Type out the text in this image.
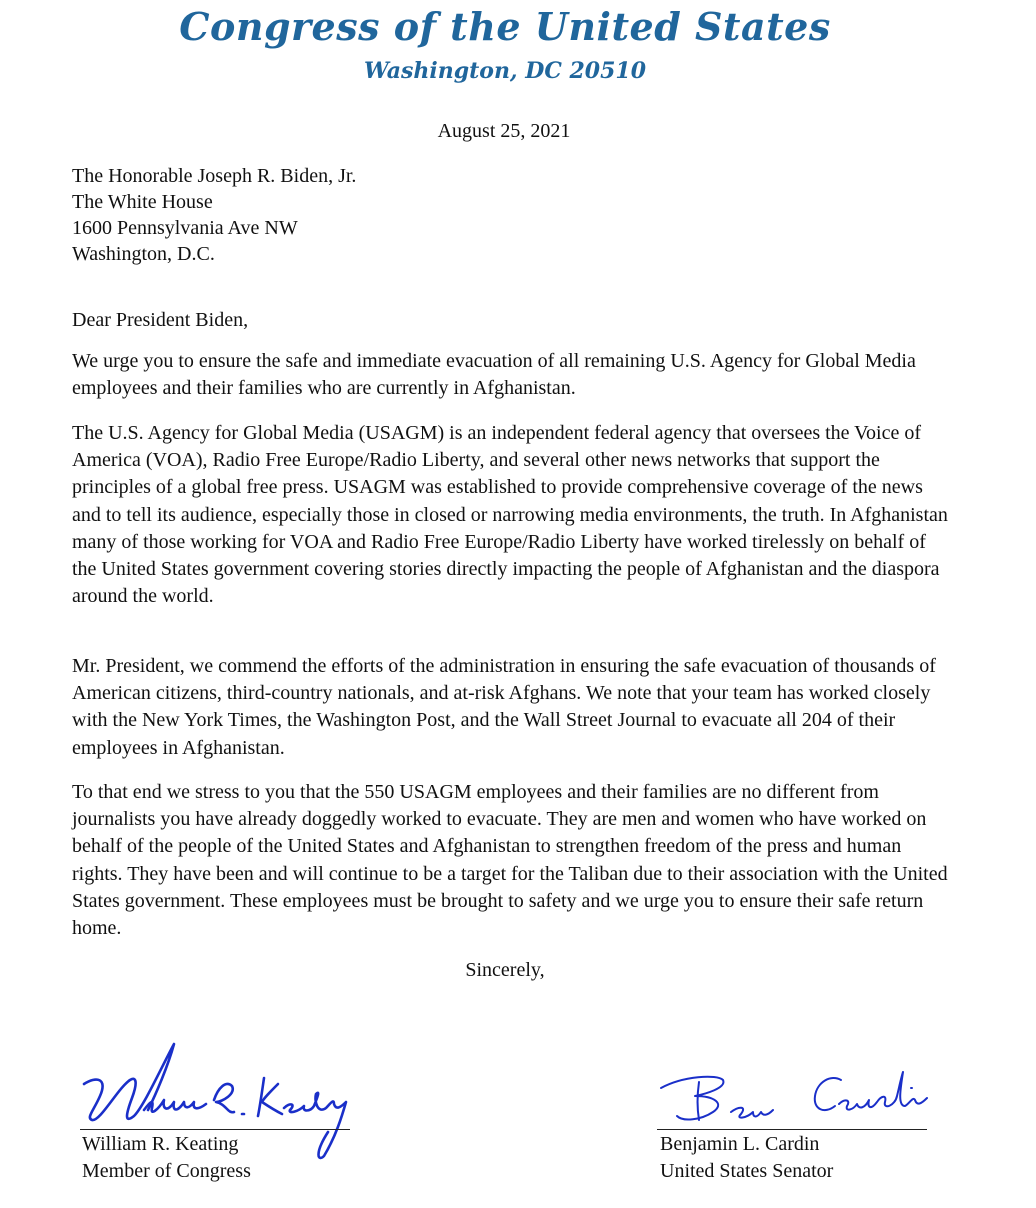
Congress of the United States
Washington, DC 20510
August 25, 2021
The Honorable Joseph R. Biden, Jr.
The White House
1600 Pennsylvania Ave NW
Washington, D.C.
Dear President Biden,

We urge you to ensure the safe and immediate evacuation of all remaining U.S. Agency for Global Media employees and their families who are currently in Afghanistan.

The U.S. Agency for Global Media (USAGM) is an independent federal agency that oversees the Voice of America (VOA), Radio Free Europe/Radio Liberty, and several other news networks that support the principles of a global free press. USAGM was established to provide comprehensive coverage of the news and to tell its audience, especially those in closed or narrowing media environments, the truth. In Afghanistan many of those working for VOA and Radio Free Europe/Radio Liberty have worked tirelessly on behalf of the United States government covering stories directly impacting the people of Afghanistan and the diaspora around the world.

Mr. President, we commend the efforts of the administration in ensuring the safe evacuation of thousands of American citizens, third-country nationals, and at-risk Afghans. We note that your team has worked closely with the New York Times, the Washington Post, and the Wall Street Journal to evacuate all 204 of their employees in Afghanistan.

To that end we stress to you that the 550 USAGM employees and their families are no different from journalists you have already doggedly worked to evacuate. They are men and women who have worked on behalf of the people of the United States and Afghanistan to strengthen freedom of the press and human rights. They have been and will continue to be a target for the Taliban due to their association with the United States government. These employees must be brought to safety and we urge you to ensure their safe return home.

Sincerely,
William R. Keating
Member of Congress
Benjamin L. Cardin
United States Senator
